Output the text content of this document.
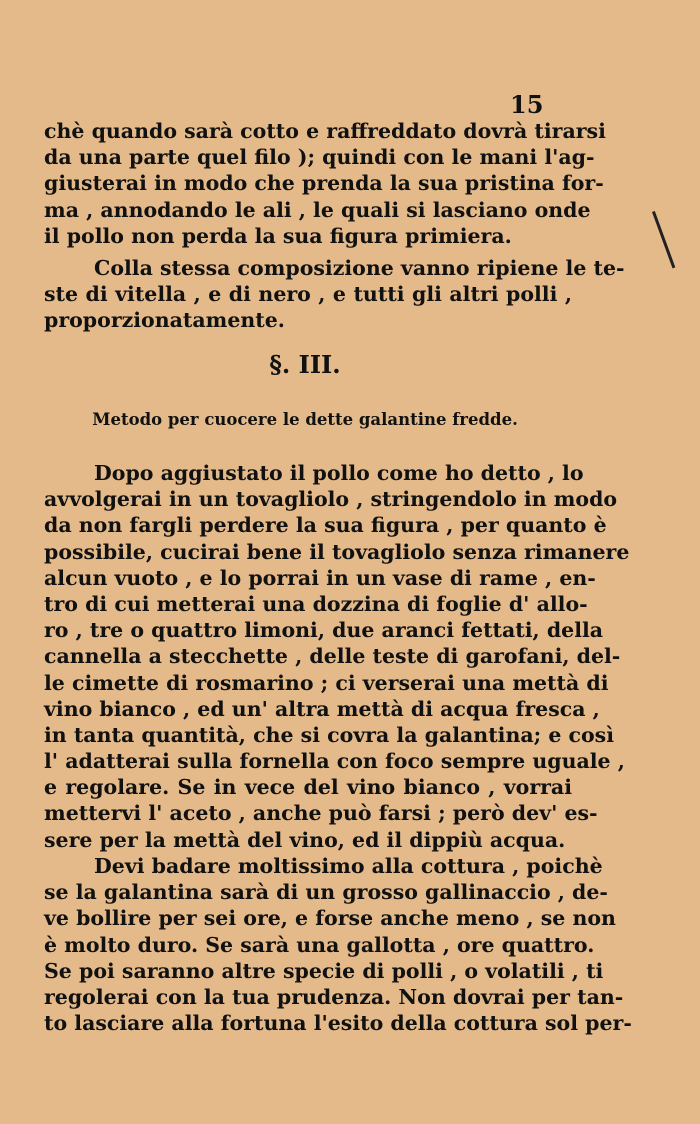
15
chè quando sarà cotto e raffreddato dovrà tirarsi
da una parte quel filo ); quindi con le mani l'ag-
giusterai in modo che prenda la sua pristina for-
ma , annodando le ali , le quali si lasciano onde
il pollo non perda la sua figura primiera.
Colla stessa composizione vanno ripiene le te-
ste di vitella , e di nero , e tutti gli altri polli ,
proporzionatamente.
§. III.
Metodo per cuocere le dette galantine fredde.
Dopo aggiustato il pollo come ho detto , lo
avvolgerai in un tovagliolo , stringendolo in modo
da non fargli perdere la sua figura , per quanto è
possibile, cucirai bene il tovagliolo senza rimanere
alcun vuoto , e lo porrai in un vase di rame , en-
tro di cui metterai una dozzina di foglie d' allo-
ro , tre o quattro limoni, due aranci fettati, della
cannella a stecchette , delle teste di garofani, del-
le cimette di rosmarino ; ci verserai una mettà di
vino bianco , ed un' altra mettà di acqua fresca ,
in tanta quantità, che si covra la galantina; e così
l' adatterai sulla fornella con foco sempre uguale ,
e regolare. Se in vece del vino bianco , vorrai
mettervi l' aceto , anche può farsi ; però dev' es-
sere per la mettà del vino, ed il dippiù acqua.
Devi badare moltissimo alla cottura , poichè
se la galantina sarà di un grosso gallinaccio , de-
ve bollire per sei ore, e forse anche meno , se non
è molto duro. Se sarà una gallotta , ore quattro.
Se poi saranno altre specie di polli , o volatili , ti
regolerai con la tua prudenza. Non dovrai per tan-
to lasciare alla fortuna l'esito della cottura sol per-
